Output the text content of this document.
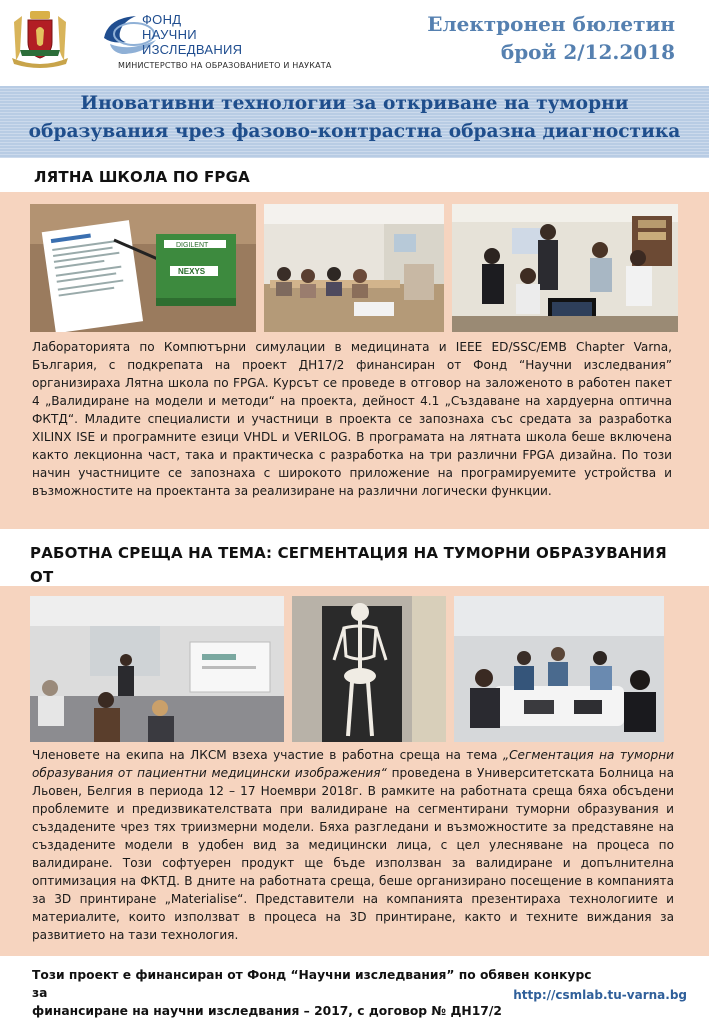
ФОНД
НАУЧНИ
ИЗСЛЕДВАНИЯ
МИНИСТЕРСТВО НА ОБРАЗОВАНИЕТО И НАУКАТА
Електронен бюлетин
брой 2/12.2018
Иновативни технологии за откриване на туморни
образувания чрез фазово-контрастна образна диагностика
ЛЯТНА ШКОЛА ПО FPGA
DIGILENT
NEXYS
Лабораторията по Компютърни симулации в медицината и IEEE ED/SSC/EMB Chapter Varna, България, с подкрепата на проект ДН17/2 финансиран от Фонд “Научни изследвания” организираха Лятна школа по FPGA. Курсът се проведе в отговор на заложеното в работен пакет 4 „Валидиране на модели и методи“ на проекта, дейност 4.1 „Създаване на хардуерна оптична ФКТД“. Младите специалисти и участници в проекта се запознаха със средата за разработка XILINX ISE и програмните езици VHDL и VERILOG. В програмата на лятната школа беше включена както лекционна част, така и практическа с разработка на три различни FPGA дизайна. По този начин участниците се запознаха с широкото приложение на програмируемите устройства и възможностите на проектанта за реализиране на различни логически функции.
РАБОТНА СРЕЩА НА ТЕМА: СЕГМЕНТАЦИЯ НА ТУМОРНИ ОБРАЗУВАНИЯ ОТ
Членовете на екипа на ЛКСМ взеха участие в работна среща на тема „Сегментация на туморни образувания от пациентни медицински изображения“ проведена в Университетската Болница на Льовен, Белгия в периода 12 – 17 Ноември 2018г. В рамките на работната среща бяха обсъдени проблемите и предизвикателствата при валидиране на сегментирани туморни образувания и създадените чрез тях триизмерни модели. Бяха разгледани и възможностите за представяне на създадените модели в удобен вид за медицински лица, с цел улесняване на процеса по валидиране. Този софтуерен продукт ще бъде използван за валидиране и допълнителна оптимизация на ФКТД. В дните на работната среща, беше организирано посещение в компанията за 3D принтиране „Materialise“. Представители на компанията презентираха технологиите и материалите, които използват в процеса на 3D принтиране, както и техните виждания за развитието на тази технология.
Този проект е финансиран от Фонд “Научни изследвания” по обявен конкурс за
финансиране на научни изследвания – 2017, с договор № ДН17/2
http://csmlab.tu-varna.bg
